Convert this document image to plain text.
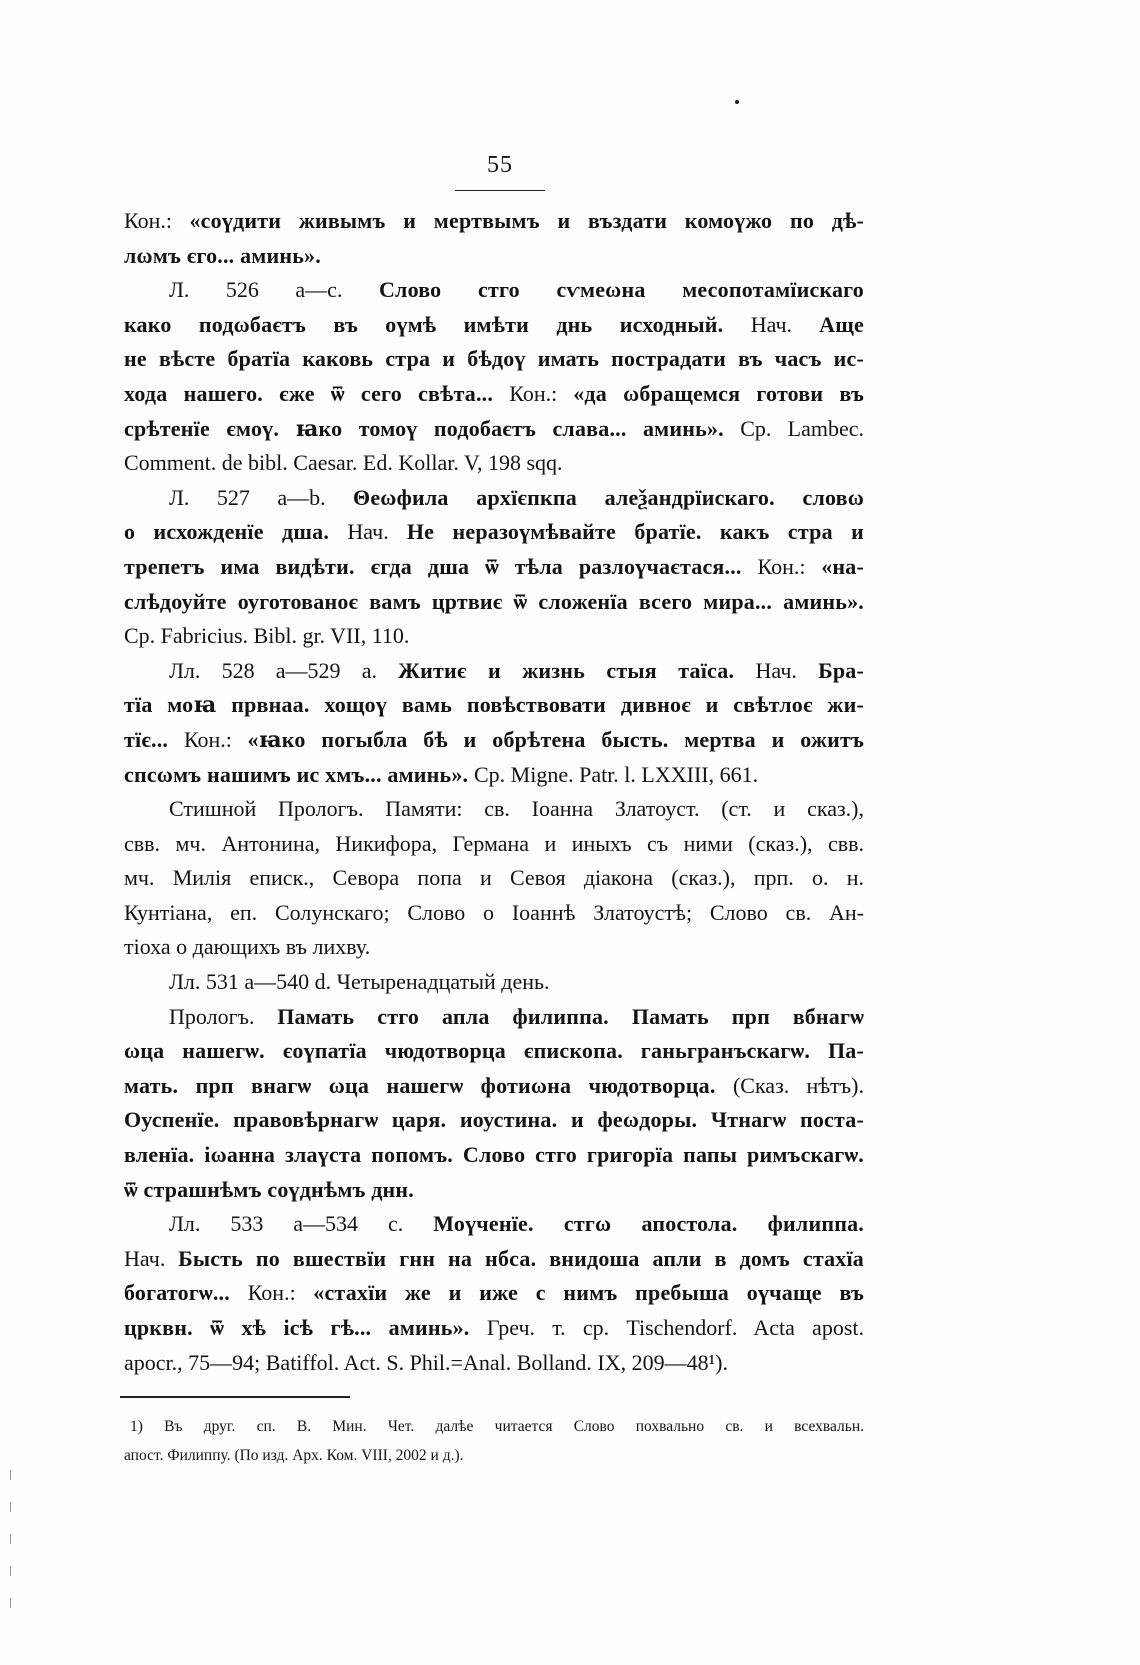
55
Кон.: «соүдити живымъ и мертвымъ и въздати комоүжо по дѣ-
лωмъ єго... аминь».
Л. 526 а—с. Слово стго сѵмеωна месопотамїискаго
како подωбаєтъ въ оүмѣ имѣти днь исходный. Нач. Аще
не вѣсте братїа каковь стра и бѣдоү имать пострадати въ часъ ис-
хода нашего. єже ѿ сего свѣта... Кон.: «да ωбращемся готови въ
срѣтенїе ємоү. ꙗко томоү подобаєтъ слава... аминь». Ср. Lambec.
Comment. de bibl. Caesar. Ed. Kollar. V, 198 sqq.
Л. 527 а—b. Θеωфила архїєпкпа алеѯандрїискаго. словω
о исхожденїе дша. Нач. Не неразоүмѣвайте братїе. какъ стра и
трепетъ има видѣти. єгда дша ѿ тѣла разлоүчаєтася... Кон.: «на-
слѣдоуйте оуготованоє вамъ цртвиє ѿ сложенїа всего мира... аминь».
Ср. Fabricius. Bibl. gr. VII, 110.
Лл. 528 а—529 а. Житиє и жизнь стыя таїса. Нач. Бра-
тїа моꙗ првнаа. хощоү вамь повѣствовати дивноє и свѣтлоє жи-
тїє... Кон.: «ꙗко погыбла бѣ и обрѣтена бысть. мертва и ожитъ
спсωмъ нашимъ ис хмъ... аминь». Ср. Migne. Patr. l. LXXIII, 661.
Стишной Прологъ. Памяти: св. Іоанна Златоуст. (ст. и сказ.),
свв. мч. Антонина, Никифора, Германа и иныхъ съ ними (сказ.), свв.
мч. Милія еписк., Севора попа и Севоя діакона (сказ.), прп. о. н.
Кунтіана, еп. Солунскаго; Слово о Іоаннѣ Златоустѣ; Слово св. Ан-
тіоха о дающихъ въ лихву.
Лл. 531 а—540 d. Четыренадцатый день.
Прологъ. Памать стго апла филиппа. Памать прп вбнагѡ
ωца нашегѡ. єоүпатїа чюдотворца єпископа. ганьгранъскагѡ. Па-
мать. прп внагѡ ωца нашегѡ фотиωна чюдотворца. (Сказ. нѣтъ).
Оуспенїе. правовѣрнагѡ царя. иоустина. и феωдоры. Чтнагѡ поста-
вленїа. іωанна злаүста попомъ. Слово стго григорїа папы римъскагѡ.
ѿ страшнѣмъ соүднѣмъ днн.
Лл. 533 а—534 с. Моүченїе. стгω апостола. филиппа.
Нач. Бысть по вшествїи гнн на нбса. внидоша апли в домъ стахїа
богатогѡ... Кон.: «стахїи же и иже с нимъ пребыша оүчаще въ
црквн. ѿ хѣ ісѣ гѣ... аминь». Греч. т. ср. Tischendorf. Acta apost.
apocr., 75—94; Batiffol. Act. S. Phil.=Anal. Bolland. IX, 209—48¹).
1) Въ друг. сп. В. Мин. Чет. далѣе читается Слово похвально св. и всехвальн.
апост. Филиппу. (По изд. Арх. Ком. VIII, 2002 и д.).
